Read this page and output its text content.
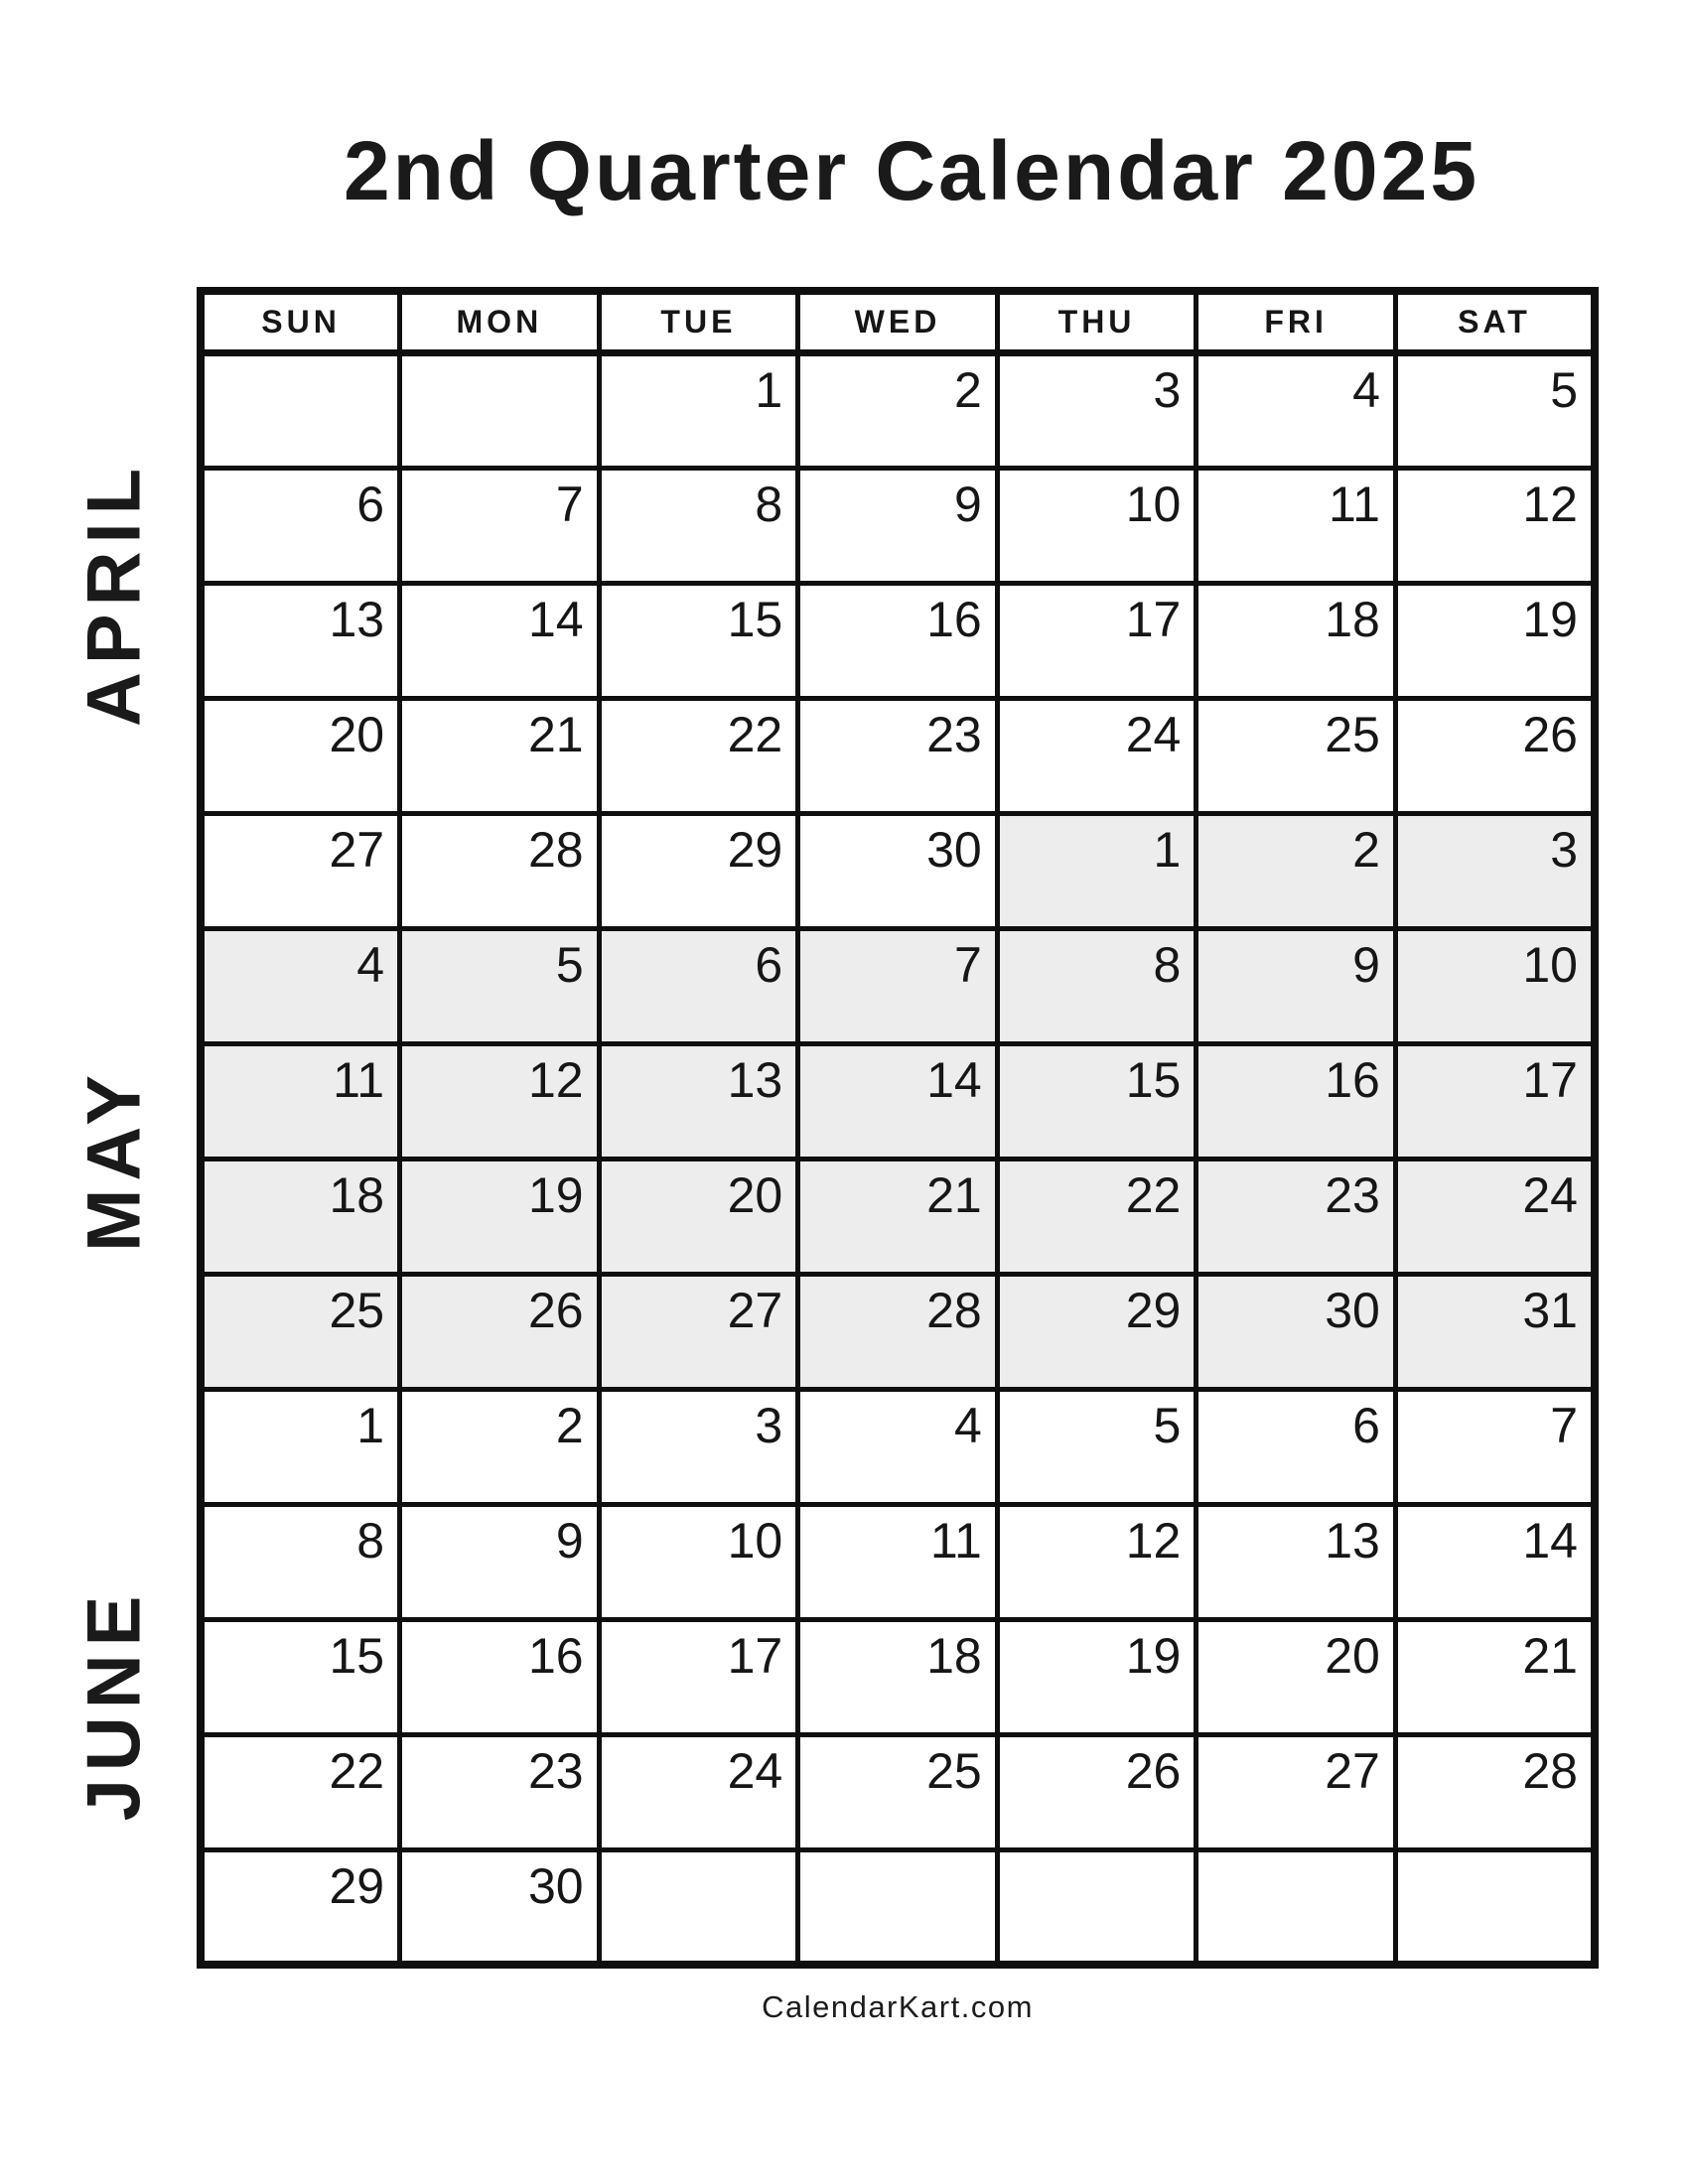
2nd Quarter Calendar 2025
APRIL
MAY
JUNE
SUN	MON	TUE	WED	THU	FRI	SAT
		1	2	3	4	5
6	7	8	9	10	11	12
13	14	15	16	17	18	19
20	21	22	23	24	25	26
27	28	29	30	1	2	3
4	5	6	7	8	9	10
11	12	13	14	15	16	17
18	19	20	21	22	23	24
25	26	27	28	29	30	31
1	2	3	4	5	6	7
8	9	10	11	12	13	14
15	16	17	18	19	20	21
22	23	24	25	26	27	28
29	30					
CalendarKart.com
